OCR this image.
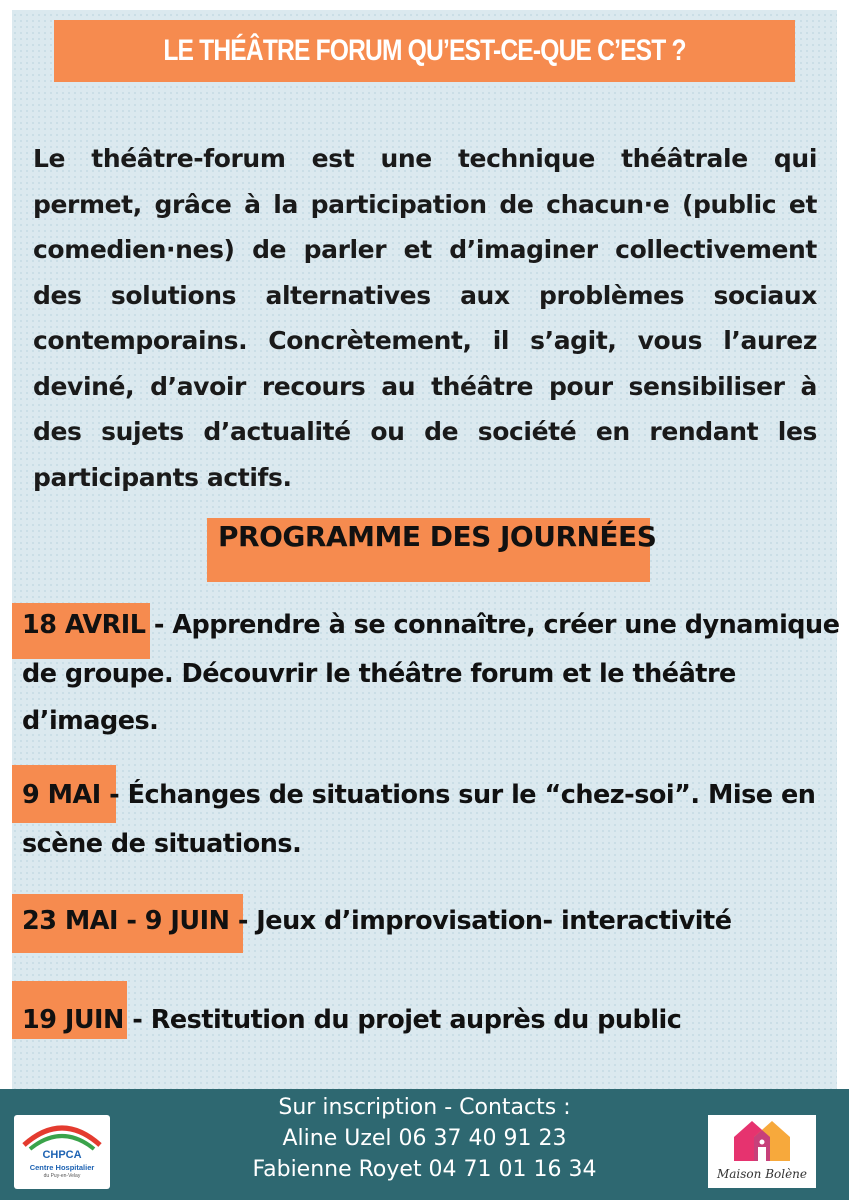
LE THÉÂTRE FORUM QU’EST-CE-QUE C’EST ?
Le théâtre-forum est une technique théâtrale qui permet, grâce à la participation de chacun·e (public et comedien·nes) de parler et d’imaginer collectivement des solutions alternatives aux problèmes sociaux contemporains. Concrètement, il s’agit, vous l’aurez deviné, d’avoir recours au théâtre pour sensibiliser à des sujets d’actualité ou de société en rendant les participants actifs.
PROGRAMME DES JOURNÉES
18 AVRIL - Apprendre à se connaître, créer une dynamique
de groupe. Découvrir le théâtre forum et le théâtre
d’images.
9 MAI - Échanges de situations sur le “chez-soi”. Mise en
scène de situations.
23 MAI - 9 JUIN - Jeux d’improvisation- interactivité
19 JUIN - Restitution du projet auprès du public
Sur inscription - Contacts :
Aline Uzel 06 37 40 91 23
Fabienne Royet 04 71 01 16 34
CHPCA
Centre Hospitalier
du Puy-en-Velay	Maison Bolène
